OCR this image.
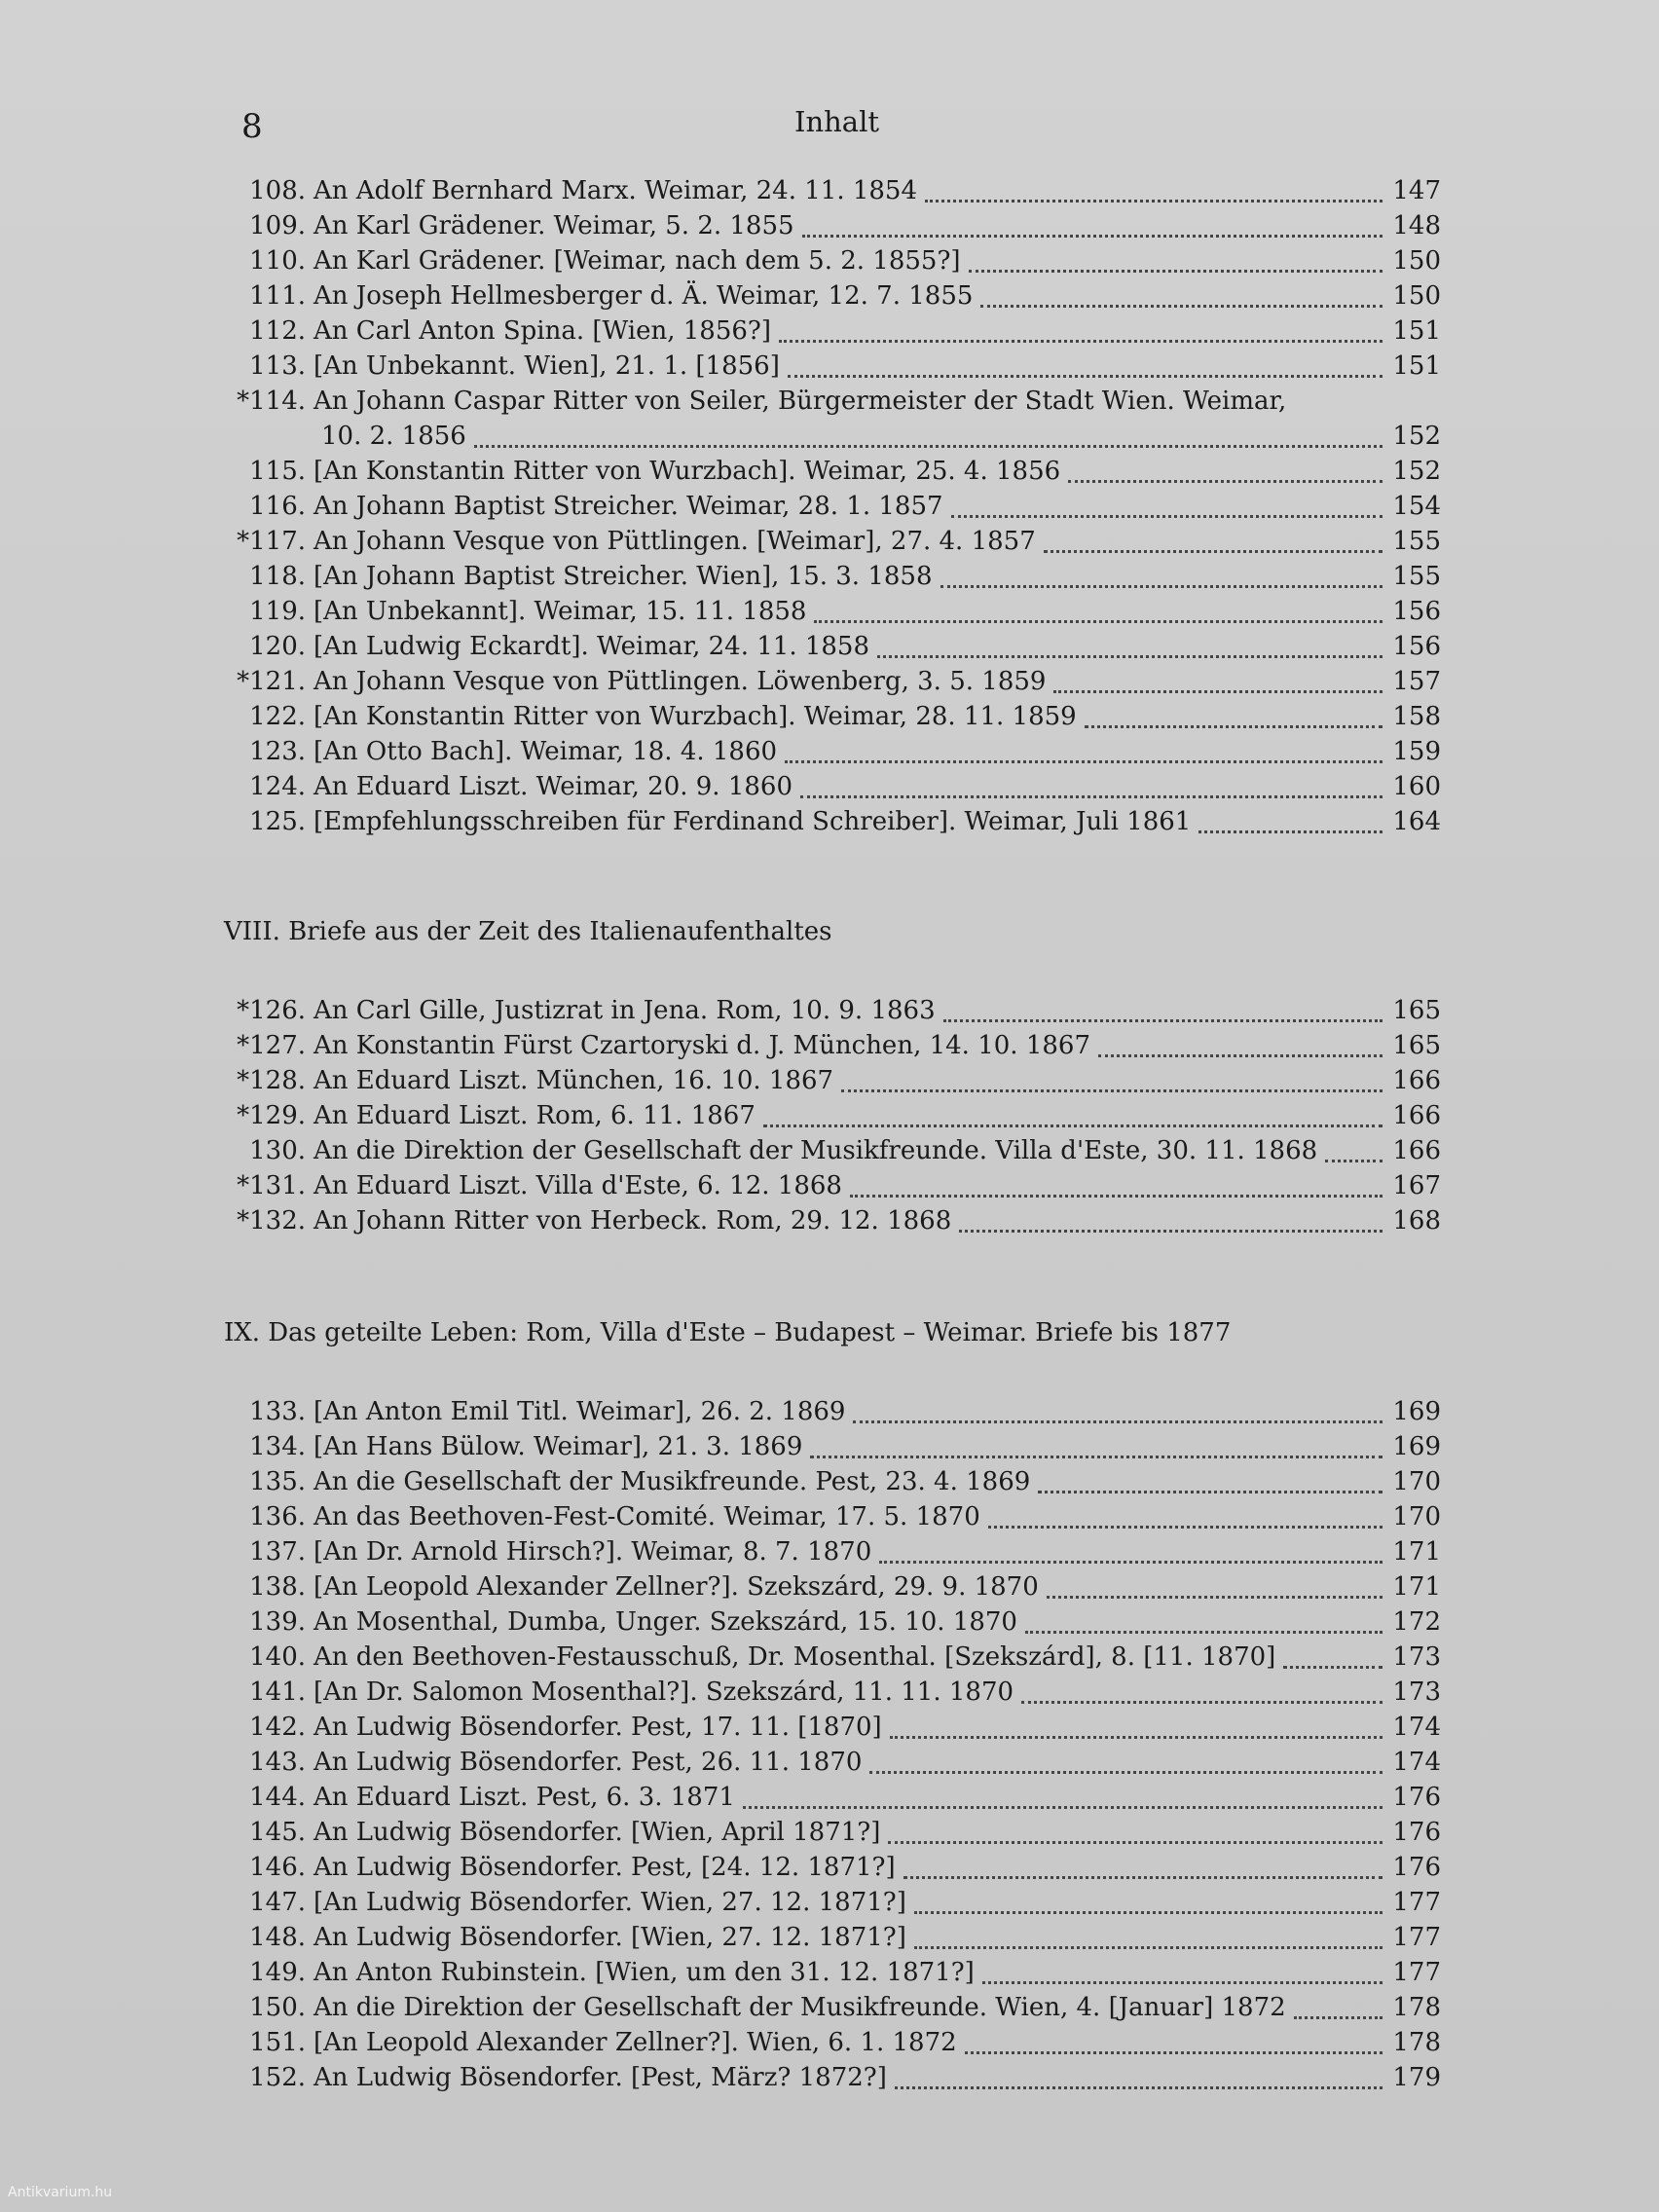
8	Inhalt
108. An Adolf Bernhard Marx. Weimar, 24. 11. 1854	147
109. An Karl Grädener. Weimar, 5. 2. 1855	148
110. An Karl Grädener. [Weimar, nach dem 5. 2. 1855?]	150
111. An Joseph Hellmesberger d. Ä. Weimar, 12. 7. 1855	150
112. An Carl Anton Spina. [Wien, 1856?]	151
113. [An Unbekannt. Wien], 21. 1. [1856]	151
*114. An Johann Caspar Ritter von Seiler, Bürgermeister der Stadt Wien. Weimar,
10. 2. 1856	152
115. [An Konstantin Ritter von Wurzbach]. Weimar, 25. 4. 1856	152
116. An Johann Baptist Streicher. Weimar, 28. 1. 1857	154
*117. An Johann Vesque von Püttlingen. [Weimar], 27. 4. 1857	155
118. [An Johann Baptist Streicher. Wien], 15. 3. 1858	155
119. [An Unbekannt]. Weimar, 15. 11. 1858	156
120. [An Ludwig Eckardt]. Weimar, 24. 11. 1858	156
*121. An Johann Vesque von Püttlingen. Löwenberg, 3. 5. 1859	157
122. [An Konstantin Ritter von Wurzbach]. Weimar, 28. 11. 1859	158
123. [An Otto Bach]. Weimar, 18. 4. 1860	159
124. An Eduard Liszt. Weimar, 20. 9. 1860	160
125. [Empfehlungsschreiben für Ferdinand Schreiber]. Weimar, Juli 1861	164
VIII. Briefe aus der Zeit des Italienaufenthaltes
*126. An Carl Gille, Justizrat in Jena. Rom, 10. 9. 1863	165
*127. An Konstantin Fürst Czartoryski d. J. München, 14. 10. 1867	165
*128. An Eduard Liszt. München, 16. 10. 1867	166
*129. An Eduard Liszt. Rom, 6. 11. 1867	166
130. An die Direktion der Gesellschaft der Musikfreunde. Villa d'Este, 30. 11. 1868	166
*131. An Eduard Liszt. Villa d'Este, 6. 12. 1868	167
*132. An Johann Ritter von Herbeck. Rom, 29. 12. 1868	168
IX. Das geteilte Leben: Rom, Villa d'Este – Budapest – Weimar. Briefe bis 1877
133. [An Anton Emil Titl. Weimar], 26. 2. 1869	169
134. [An Hans Bülow. Weimar], 21. 3. 1869	169
135. An die Gesellschaft der Musikfreunde. Pest, 23. 4. 1869	170
136. An das Beethoven-Fest-Comité. Weimar, 17. 5. 1870	170
137. [An Dr. Arnold Hirsch?]. Weimar, 8. 7. 1870	171
138. [An Leopold Alexander Zellner?]. Szekszárd, 29. 9. 1870	171
139. An Mosenthal, Dumba, Unger. Szekszárd, 15. 10. 1870	172
140. An den Beethoven-Festausschuß, Dr. Mosenthal. [Szekszárd], 8. [11. 1870]	173
141. [An Dr. Salomon Mosenthal?]. Szekszárd, 11. 11. 1870	173
142. An Ludwig Bösendorfer. Pest, 17. 11. [1870]	174
143. An Ludwig Bösendorfer. Pest, 26. 11. 1870	174
144. An Eduard Liszt. Pest, 6. 3. 1871	176
145. An Ludwig Bösendorfer. [Wien, April 1871?]	176
146. An Ludwig Bösendorfer. Pest, [24. 12. 1871?]	176
147. [An Ludwig Bösendorfer. Wien, 27. 12. 1871?]	177
148. An Ludwig Bösendorfer. [Wien, 27. 12. 1871?]	177
149. An Anton Rubinstein. [Wien, um den 31. 12. 1871?]	177
150. An die Direktion der Gesellschaft der Musikfreunde. Wien, 4. [Januar] 1872	178
151. [An Leopold Alexander Zellner?]. Wien, 6. 1. 1872	178
152. An Ludwig Bösendorfer. [Pest, März? 1872?]	179
Antikvarium.hu
